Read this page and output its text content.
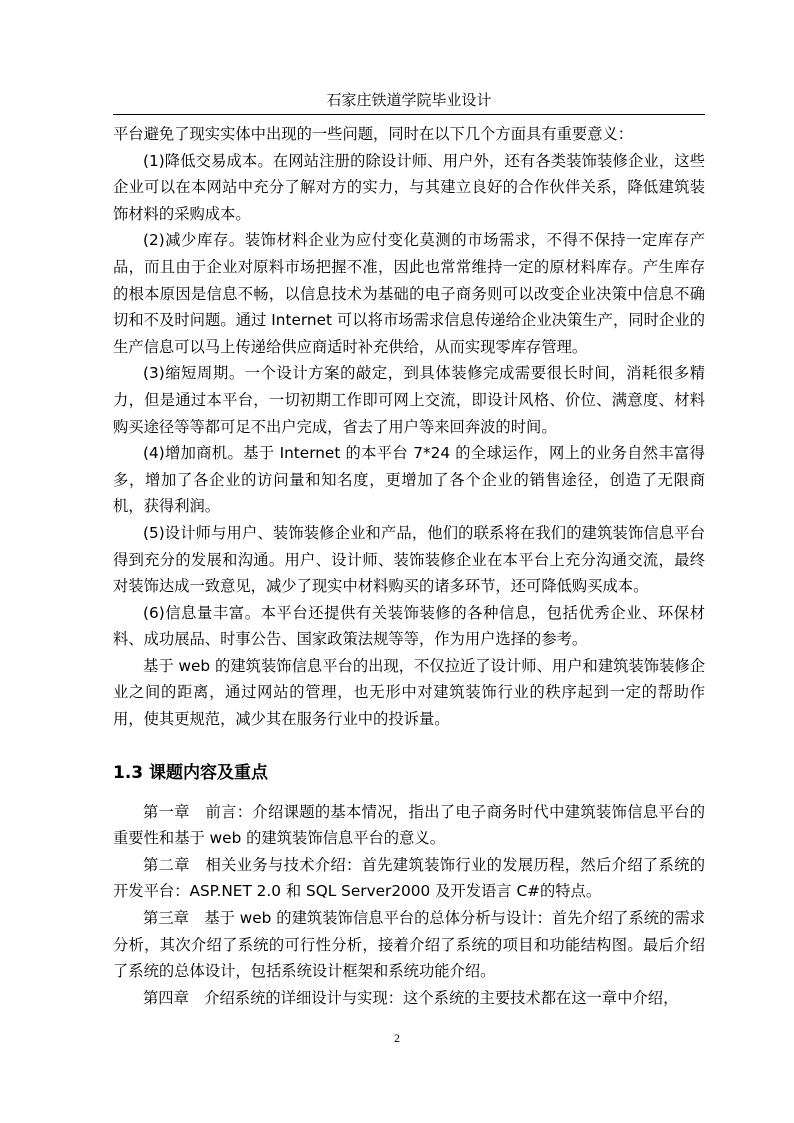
石家庄铁道学院毕业设计

平台避免了现实实体中出现的一些问题，同时在以下几个方面具有重要意义：

(1)降低交易成本。在网站注册的除设计师、用户外，还有各类装饰装修企业，这些企业可以在本网站中充分了解对方的实力，与其建立良好的合作伙伴关系，降低建筑装饰材料的采购成本。

(2)减少库存。装饰材料企业为应付变化莫测的市场需求，不得不保持一定库存产品，而且由于企业对原料市场把握不准，因此也常常维持一定的原材料库存。产生库存的根本原因是信息不畅，以信息技术为基础的电子商务则可以改变企业决策中信息不确切和不及时问题。通过 Internet 可以将市场需求信息传递给企业决策生产，同时企业的生产信息可以马上传递给供应商适时补充供给，从而实现零库存管理。

(3)缩短周期。一个设计方案的敲定，到具体装修完成需要很长时间，消耗很多精力，但是通过本平台，一切初期工作即可网上交流，即设计风格、价位、满意度、材料购买途径等等都可足不出户完成，省去了用户等来回奔波的时间。

(4)增加商机。基于 Internet 的本平台 7*24 的全球运作，网上的业务自然丰富得多，增加了各企业的访问量和知名度，更增加了各个企业的销售途径，创造了无限商机，获得利润。

(5)设计师与用户、装饰装修企业和产品，他们的联系将在我们的建筑装饰信息平台得到充分的发展和沟通。用户、设计师、装饰装修企业在本平台上充分沟通交流，最终对装饰达成一致意见，减少了现实中材料购买的诸多环节，还可降低购买成本。

(6)信息量丰富。本平台还提供有关装饰装修的各种信息，包括优秀企业、环保材料、成功展品、时事公告、国家政策法规等等，作为用户选择的参考。

基于 web 的建筑装饰信息平台的出现，不仅拉近了设计师、用户和建筑装饰装修企业之间的距离，通过网站的管理，也无形中对建筑装饰行业的秩序起到一定的帮助作用，使其更规范，减少其在服务行业中的投诉量。

1.3 课题内容及重点

第一章　前言：介绍课题的基本情况，指出了电子商务时代中建筑装饰信息平台的重要性和基于 web 的建筑装饰信息平台的意义。

第二章　相关业务与技术介绍：首先建筑装饰行业的发展历程，然后介绍了系统的开发平台：ASP.NET 2.0 和 SQL Server2000 及开发语言 C#的特点。

第三章　基于 web 的建筑装饰信息平台的总体分析与设计：首先介绍了系统的需求分析，其次介绍了系统的可行性分析，接着介绍了系统的项目和功能结构图。最后介绍了系统的总体设计，包括系统设计框架和系统功能介绍。

第四章　介绍系统的详细设计与实现：这个系统的主要技术都在这一章中介绍，

2
